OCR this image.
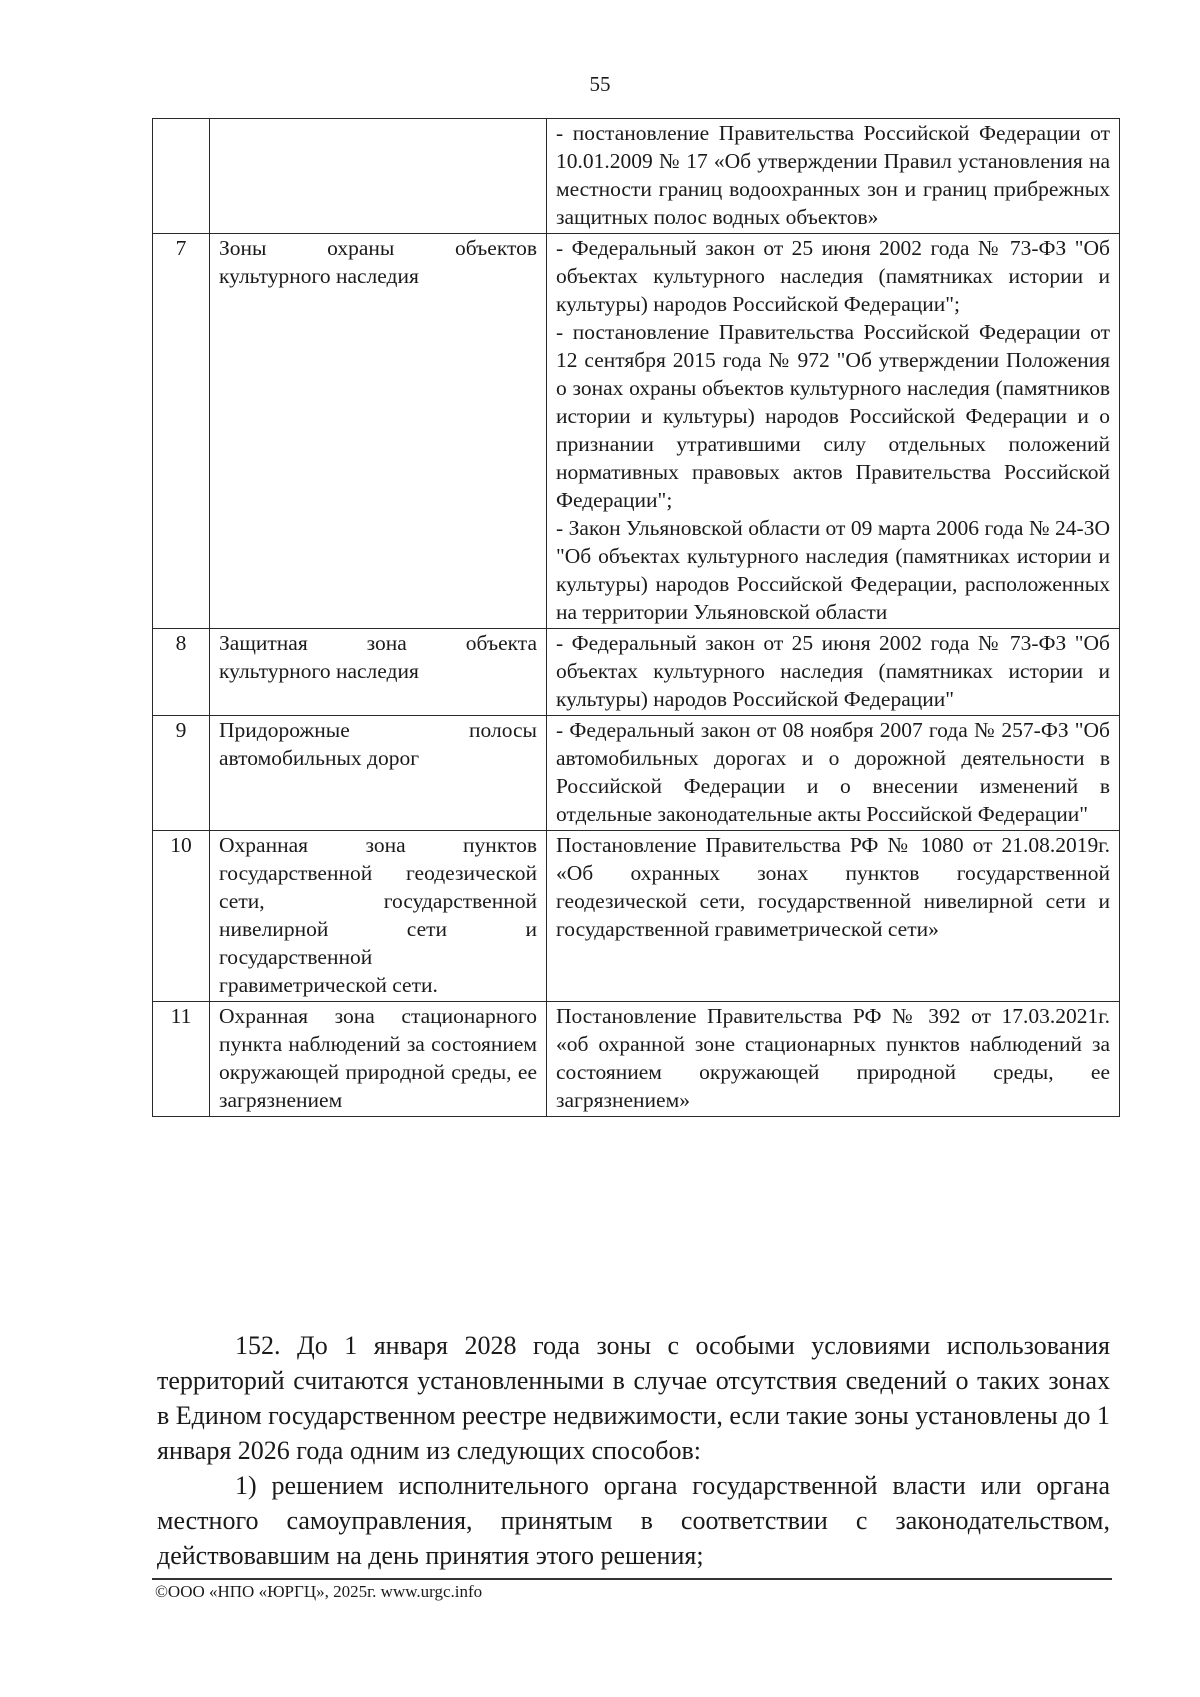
55

		- постановление Правительства Российской Федерации от 10.01.2009 № 17 «Об утверждении Правил установления на местности границ водоохранных зон и границ прибрежных защитных полос водных объектов»

7	Зоны охраны объектов культурного наследия	- Федеральный закон от 25 июня 2002 года № 73-ФЗ "Об объектах культурного наследия (памятниках истории и культуры) народов Российской Федерации";
- постановление Правительства Российской Федерации от 12 сентября 2015 года № 972 "Об утверждении Положения о зонах охраны объектов культурного наследия (памятников истории и культуры) народов Российской Федерации и о признании утратившими силу отдельных положений нормативных правовых актов Правительства Российской Федерации";
- Закон Ульяновской области от 09 марта 2006 года № 24-ЗО "Об объектах культурного наследия (памятниках истории и культуры) народов Российской Федерации, расположенных на территории Ульяновской области

8	Защитная зона объекта культурного наследия	- Федеральный закон от 25 июня 2002 года № 73-ФЗ "Об объектах культурного наследия (памятниках истории и культуры) народов Российской Федерации"

9	Придорожные полосы автомобильных дорог	- Федеральный закон от 08 ноября 2007 года № 257-ФЗ "Об автомобильных дорогах и о дорожной деятельности в Российской Федерации и о внесении изменений в отдельные законодательные акты Российской Федерации"

10	Охранная зона пунктов государственной геодезической сети, государственной нивелирной сети и государственной гравиметрической сети.	Постановление Правительства РФ № 1080 от 21.08.2019г. «Об охранных зонах пунктов государственной геодезической сети, государственной нивелирной сети и государственной гравиметрической сети»

11	Охранная зона стационарного пункта наблюдений за состоянием окружающей природной среды, ее загрязнением	Постановление Правительства РФ № 392 от 17.03.2021г. «об охранной зоне стационарных пунктов наблюдений за состоянием окружающей природной среды, ее загрязнением»

152. До 1 января 2028 года зоны с особыми условиями использования территорий считаются установленными в случае отсутствия сведений о таких зонах в Едином государственном реестре недвижимости, если такие зоны установлены до 1 января 2026 года одним из следующих способов:

1) решением исполнительного органа государственной власти или органа местного самоуправления, принятым в соответствии с законодательством, действовавшим на день принятия этого решения;

©ООО «НПО «ЮРГЦ», 2025г. www.urgc.info
